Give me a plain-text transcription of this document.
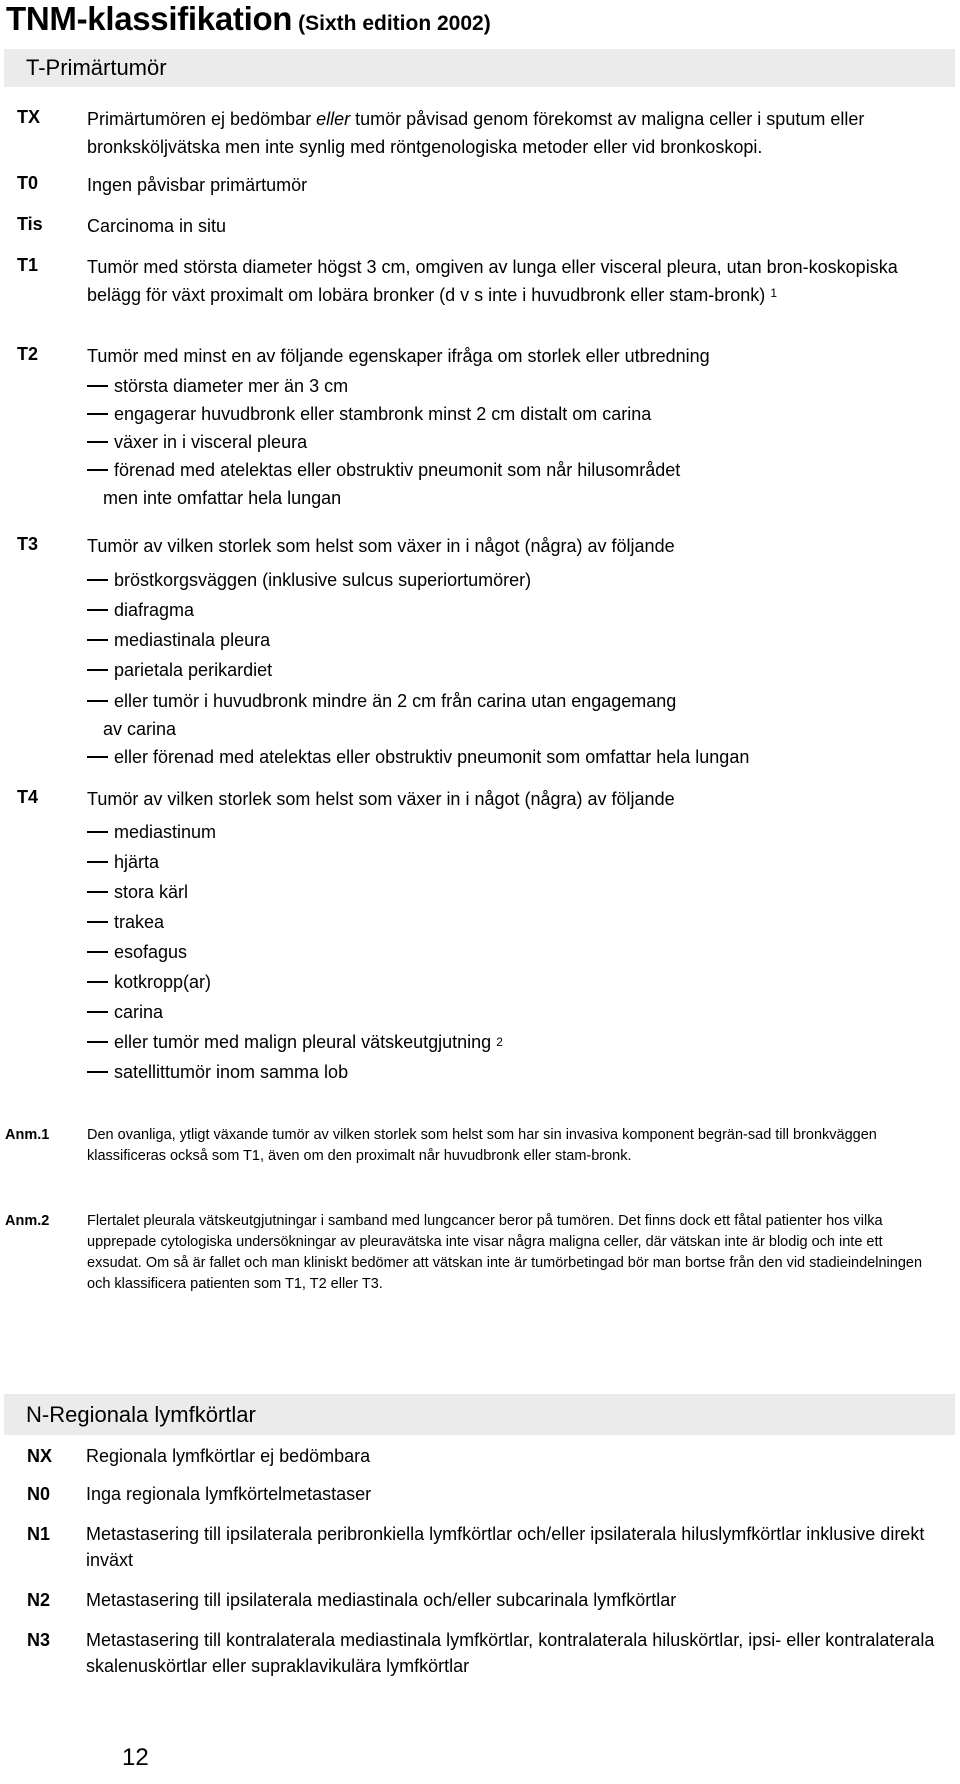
TNM-klassifikation (Sixth edition 2002)
T-Primärtumör
TX	Primärtumören ej bedömbar eller tumör påvisad genom förekomst av maligna celler i sputum eller bronksköljvätska men inte synlig med röntgenologiska metoder eller vid bronkoskopi.
T0	Ingen påvisbar primärtumör
Tis Carcinoma in situ
T1	Tumör med största diameter högst 3 cm, omgiven av lunga eller visceral pleura, utan bron-koskopiska belägg för växt proximalt om lobära bronker (d v s inte i huvudbronk eller stam-bronk) $^1$
T2	Tumör med minst en av följande egenskaper ifråga om storlek eller utbredning
största diameter mer än 3 cm
engagerar huvudbronk eller stambronk minst 2 cm distalt om carina
växer in i visceral pleura
förenad med atelektas eller obstruktiv pneumonit som når hilusområdet
men inte omfattar hela lungan
T3	Tumör av vilken storlek som helst som växer in i något (några) av följande
bröstkorgsväggen (inklusive sulcus superiortumörer)
diafragma
mediastinala pleura
parietala perikardiet
eller tumör i huvudbronk mindre än 2 cm från carina utan engagemang
av carina
eller förenad med atelektas eller obstruktiv pneumonit som omfattar hela lungan
T4	Tumör av vilken storlek som helst som växer in i något (några) av följande
mediastinum
hjärta
stora kärl
trakea
esofagus
kotkropp(ar)
carina
eller tumör med malign pleural vätskeutgjutning $^2$
satellittumör inom samma lob
Anm.1	Den ovanliga, ytligt växande tumör av vilken storlek som helst som har sin invasiva komponent begrän-sad till bronkväggen klassificeras också som T1, även om den proximalt når huvudbronk eller stam-bronk.
Anm.2	Flertalet pleurala vätskeutgjutningar i samband med lungcancer beror på tumören. Det finns dock ett fåtal patienter hos vilka upprepade cytologiska undersökningar av pleuravätska inte visar några maligna celler, där vätskan inte är blodig och inte ett exsudat. Om så är fallet och man kliniskt bedömer att vätskan inte är tumörbetingad bör man bortse från den vid stadieindelningen och klassificera patienten som T1, T2 eller T3.
N-Regionala lymfkörtlar
NX Regionala lymfkörtlar ej bedömbara
N0 Inga regionala lymfkörtelmetastaser
N1 Metastasering till ipsilaterala peribronkiella lymfkörtlar och/eller ipsilaterala hiluslymfkörtlar inklusive direkt inväxt
N2 Metastasering till ipsilaterala mediastinala och/eller subcarinala lymfkörtlar
N3 Metastasering till kontralaterala mediastinala lymfkörtlar, kontralaterala hiluskörtlar, ipsi- eller kontralaterala skalenuskörtlar eller supraklavikulära lymfkörtlar
12
